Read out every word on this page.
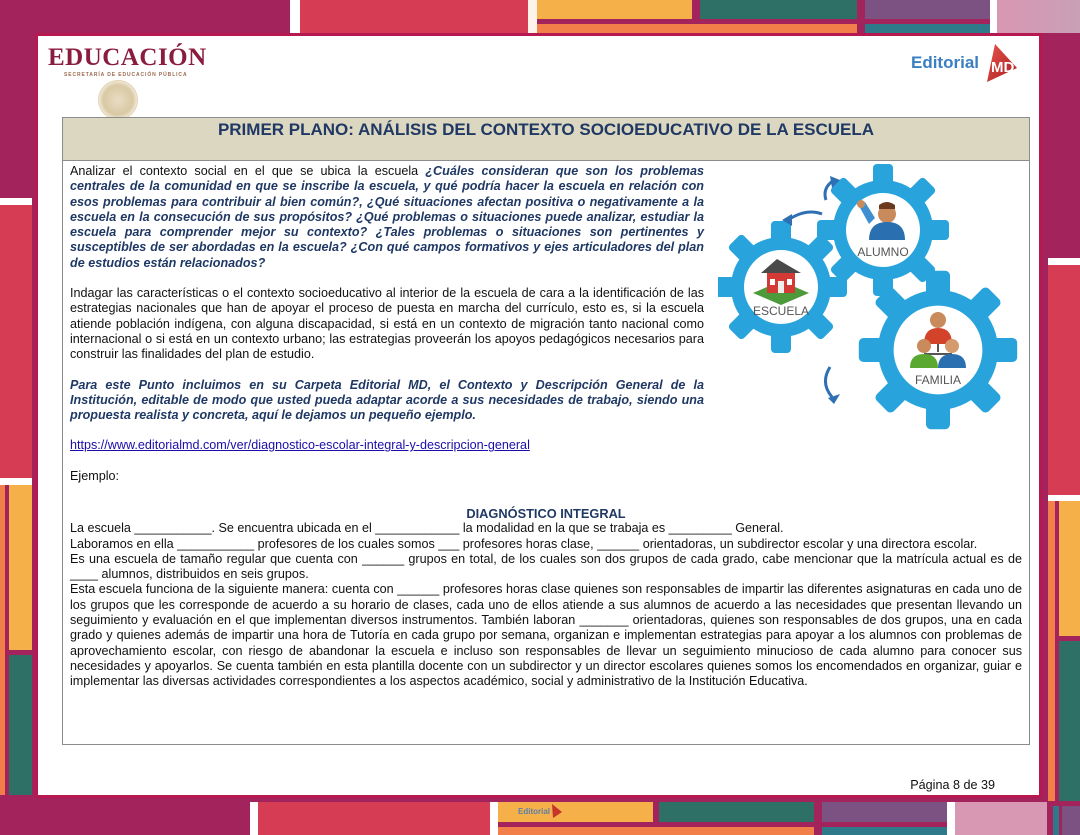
Editorial
EDUCACIÓN
SECRETARÍA DE EDUCACIÓN PÚBLICA
Editorial MD
PRIMER PLANO: ANÁLISIS DEL CONTEXTO SOCIOEDUCATIVO DE LA ESCUELA

Analizar el contexto social en el que se ubica la escuela ¿Cuáles consideran que son los problemas centrales de la comunidad en que se inscribe la escuela, y qué podría hacer la escuela en relación con esos problemas para contribuir al bien común?, ¿Qué situaciones afectan positiva o negativamente a la escuela en la consecución de sus propósitos? ¿Qué problemas o situaciones puede analizar, estudiar la escuela para comprender mejor su contexto? ¿Tales problemas o situaciones son pertinentes y susceptibles de ser abordadas en la escuela? ¿Con qué campos formativos y ejes articuladores del plan de estudios están relacionados?

Indagar las características o el contexto socioeducativo al interior de la escuela de cara a la identificación de las estrategias nacionales que han de apoyar el proceso de puesta en marcha del currículo, esto es, si la escuela atiende población indígena, con alguna discapacidad, si está en un contexto de migración tanto nacional como internacional o si está en un contexto urbano; las estrategias proveerán los apoyos pedagógicos necesarios para construir las finalidades del plan de estudio.

Para este Punto incluimos en su Carpeta Editorial MD, el Contexto y Descripción General de la Institución, editable de modo que usted pueda adaptar acorde a sus necesidades de trabajo, siendo una propuesta realista y concreta, aquí le dejamos un pequeño ejemplo.

https://www.editorialmd.com/ver/diagnostico-escolar-integral-y-descripcion-general

Ejemplo:

ALUMNO
ESCUELA
FAMILIA
DIAGNÓSTICO INTEGRAL

La escuela ___________. Se encuentra ubicada en el ____________ la modalidad en la que se trabaja es _________ General.

Laboramos en ella ___________ profesores de los cuales somos ___ profesores horas clase, ______ orientadoras, un subdirector escolar y una directora escolar.

Es una escuela de tamaño regular que cuenta con ______ grupos en total, de los cuales son dos grupos de cada grado, cabe mencionar que la matrícula actual es de ____ alumnos, distribuidos en seis grupos.

Esta escuela funciona de la siguiente manera: cuenta con ______ profesores horas clase quienes son responsables de impartir las diferentes asignaturas en cada uno de los grupos que les corresponde de acuerdo a su horario de clases, cada uno de ellos atiende a sus alumnos de acuerdo a las necesidades que presentan llevando un seguimiento y evaluación en el que implementan diversos instrumentos. También laboran _______ orientadoras, quienes son responsables de dos grupos, una en cada grado y quienes además de impartir una hora de Tutoría en cada grupo por semana, organizan e implementan estrategias para apoyar a los alumnos con problemas de aprovechamiento escolar, con riesgo de abandonar la escuela e incluso son responsables de llevar un seguimiento minucioso de cada alumno para conocer sus necesidades y apoyarlos. Se cuenta también en esta plantilla docente con un subdirector y un director escolares quienes somos los encomendados en organizar, guiar e implementar las diversas actividades correspondientes a los aspectos académico, social y administrativo de la Institución Educativa.

Página 8 de 39
